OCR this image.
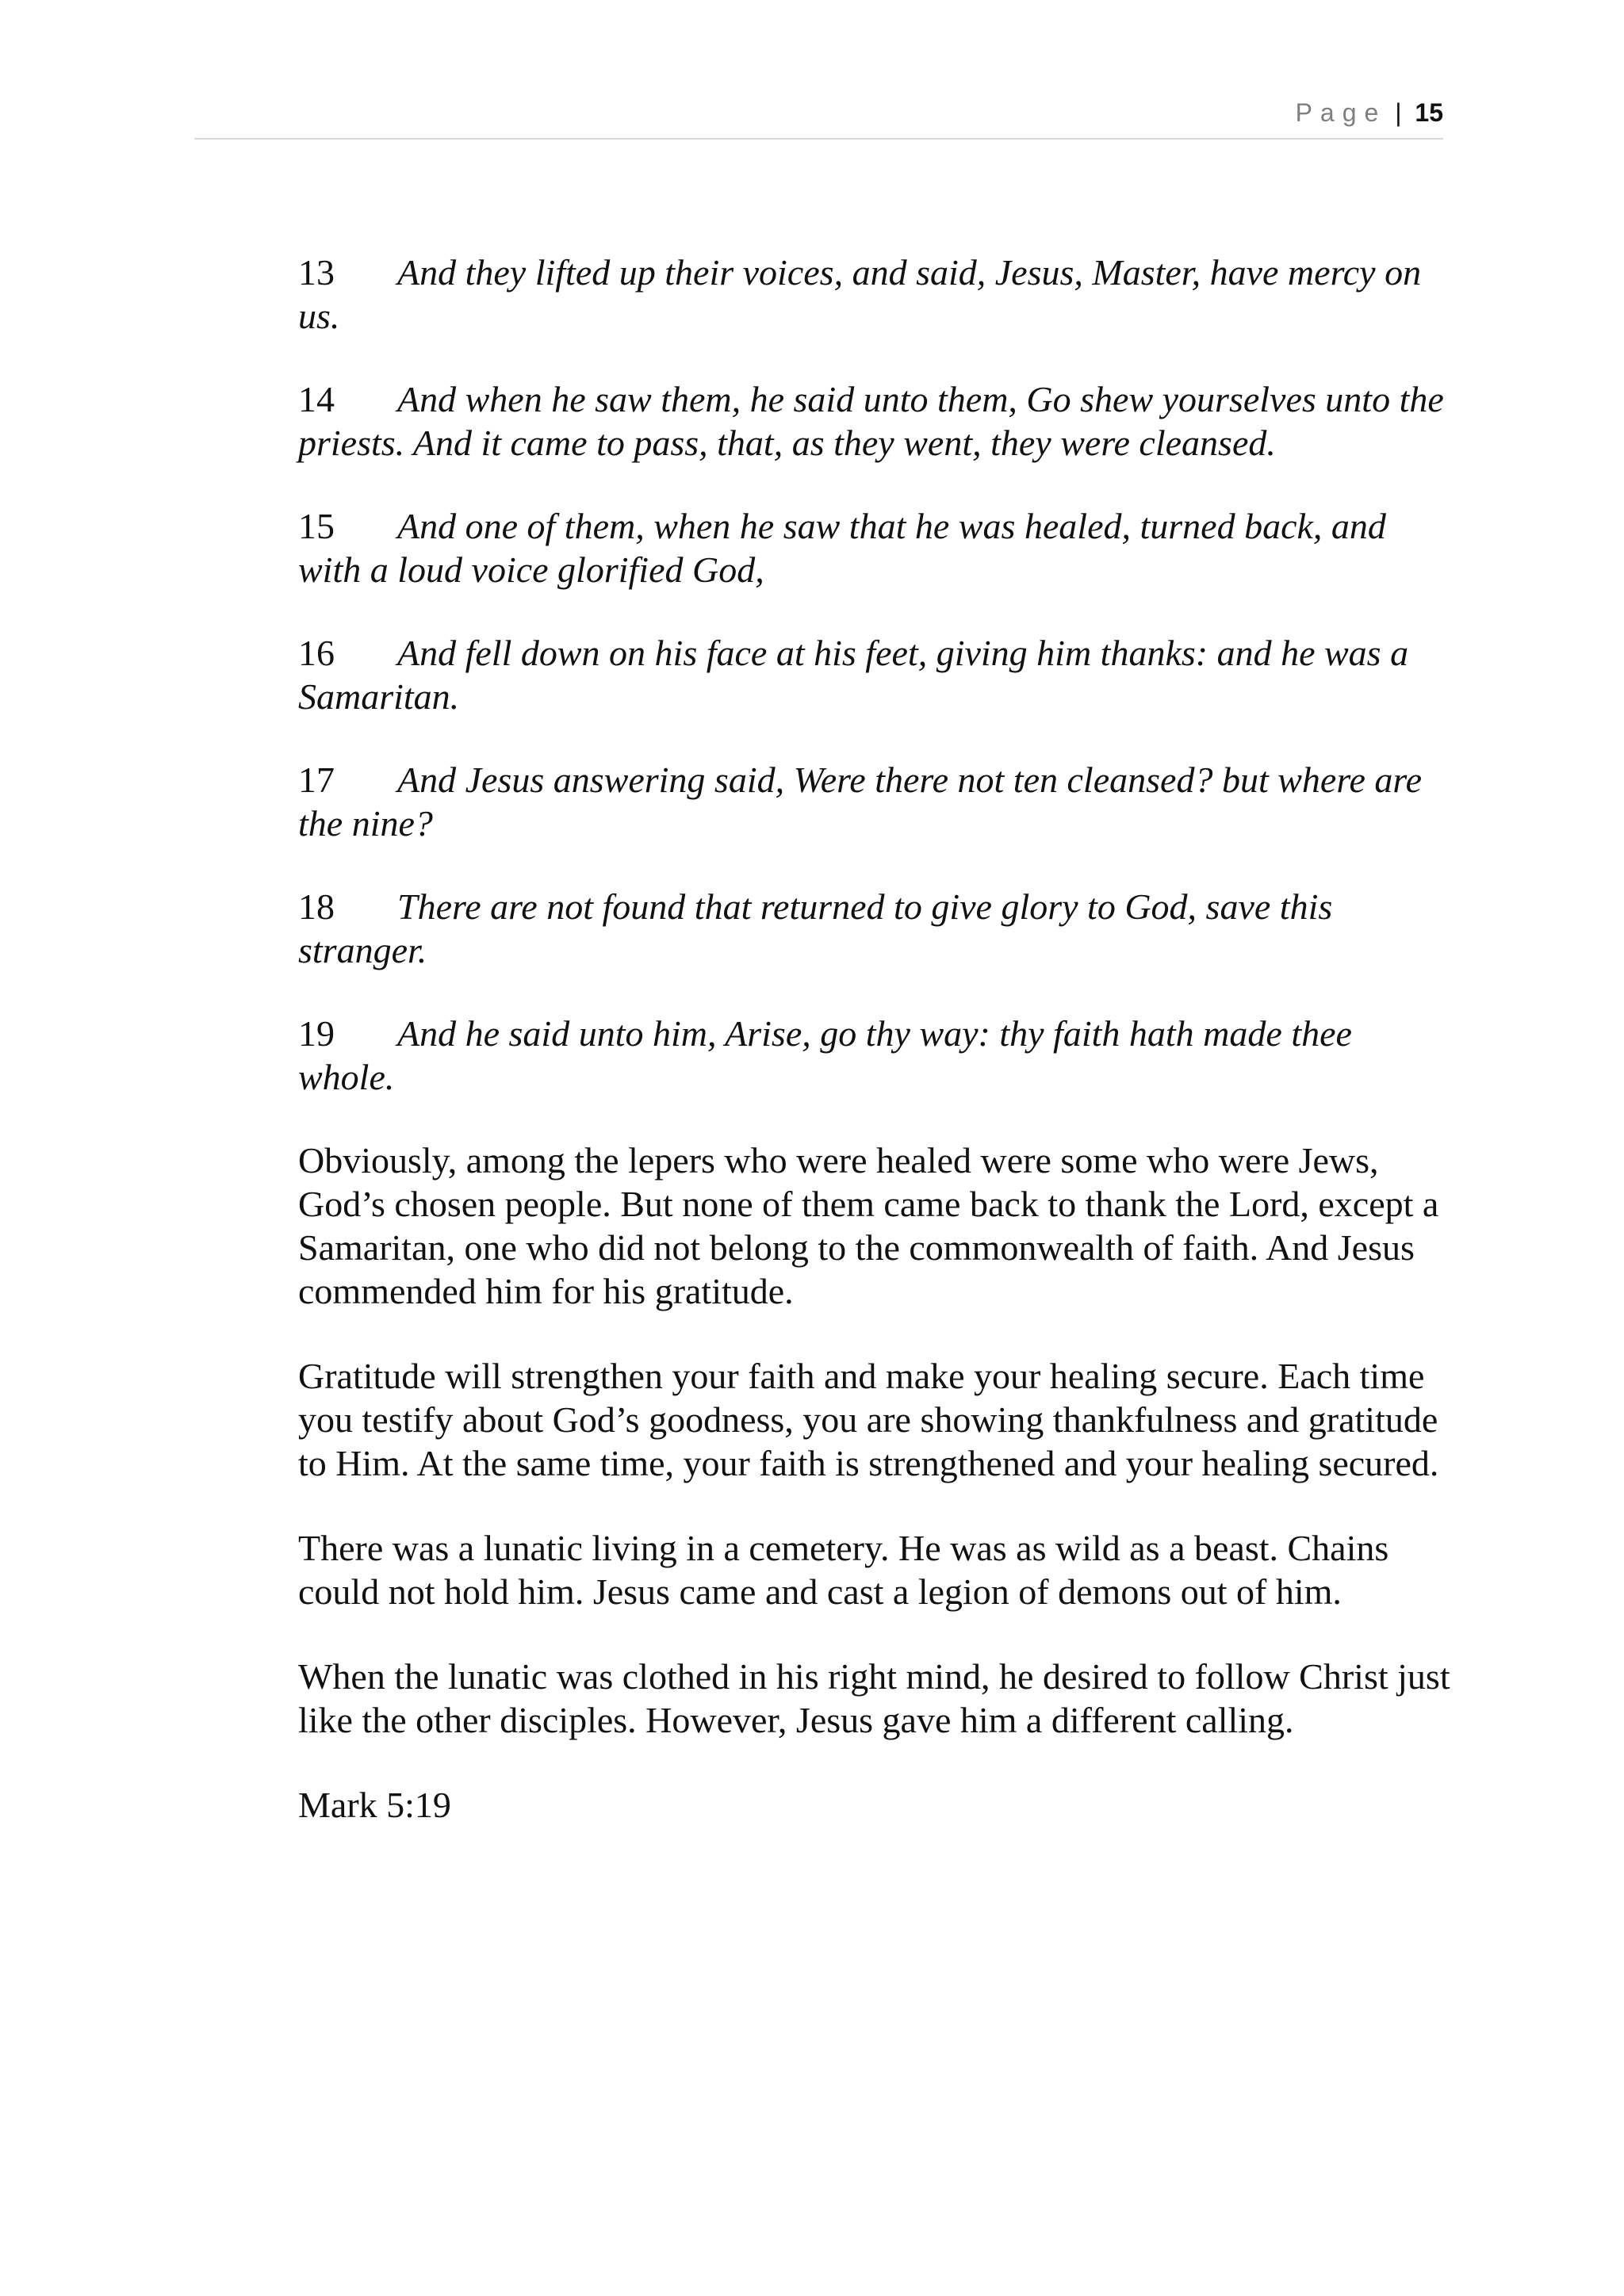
Page | 15

13 And they lifted up their voices, and said, Jesus, Master, have mercy on us.

14 And when he saw them, he said unto them, Go shew yourselves unto the priests. And it came to pass, that, as they went, they were cleansed.

15 And one of them, when he saw that he was healed, turned back, and with a loud voice glorified God,

16 And fell down on his face at his feet, giving him thanks: and he was a Samaritan.

17 And Jesus answering said, Were there not ten cleansed? but where are the nine?

18 There are not found that returned to give glory to God, save this stranger.

19 And he said unto him, Arise, go thy way: thy faith hath made thee whole.

Obviously, among the lepers who were healed were some who were Jews, God’s chosen people. But none of them came back to thank the Lord, except a Samaritan, one who did not belong to the commonwealth of faith. And Jesus commended him for his gratitude.

Gratitude will strengthen your faith and make your healing secure. Each time you testify about God’s goodness, you are showing thankfulness and gratitude to Him. At the same time, your faith is strengthened and your healing secured.

There was a lunatic living in a cemetery. He was as wild as a beast. Chains could not hold him. Jesus came and cast a legion of demons out of him.

When the lunatic was clothed in his right mind, he desired to follow Christ just like the other disciples. However, Jesus gave him a different calling.

Mark 5:19
